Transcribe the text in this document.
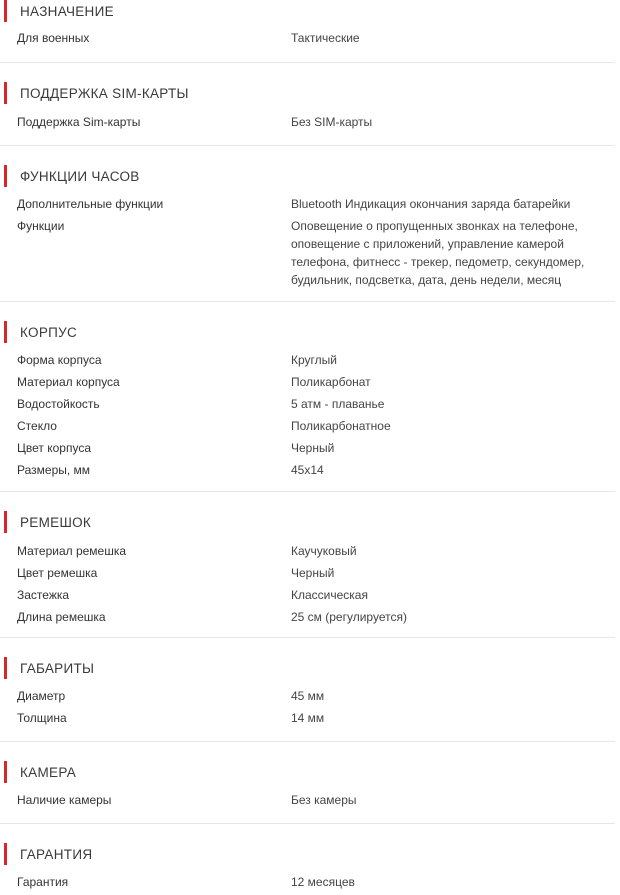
НАЗНАЧЕНИЕ
Для военных	Тактические
ПОДДЕРЖКА SIM-КАРТЫ
Поддержка Sim-карты	Без SIM-карты
ФУНКЦИИ ЧАСОВ
Дополнительные функции	Bluetooth Индикация окончания заряда батарейки
Функции	Оповещение о пропущенных звонках на телефоне, оповещение с приложений, управление камерой телефона, фитнесс - трекер, педометр, секундомер, будильник, подсветка, дата, день недели, месяц
КОРПУС
Форма корпуса	Круглый
Материал корпуса	Поликарбонат
Водостойкость	5 атм - плаванье
Стекло	Поликарбонатное
Цвет корпуса	Черный
Размеры, мм	45x14
РЕМЕШОК
Материал ремешка	Каучуковый
Цвет ремешка	Черный
Застежка	Классическая
Длина ремешка	25 см (регулируется)
ГАБАРИТЫ
Диаметр	45 мм
Толщина	14 мм
КАМЕРА
Наличие камеры	Без камеры
ГАРАНТИЯ
Гарантия	12 месяцев
